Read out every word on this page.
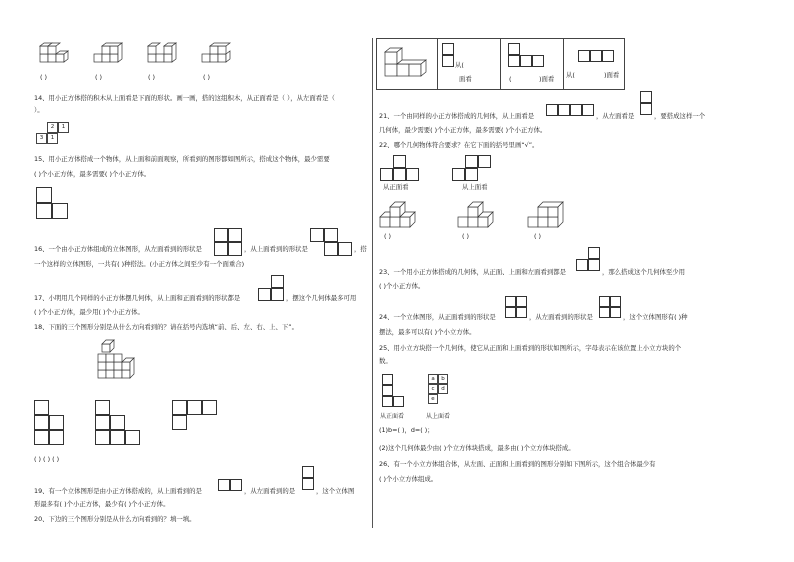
( )	( )	( )	( )
14、用小正方体搭的积木从上面看是下面的形状。画一画，搭的这组积木，从正面看是（ ），从左面看是（
）。
2	1
3	1
15、用小正方体搭成一个物体，从上面和前面观察，所看到的图形都如图所示，搭成这个物体，最少需要
( )个小正方体，最多需要( )个小正方体。
16、一个由小正方体组成的立体图形，从左面看到的形状是	，从上面看到的形状是	，搭
一个这样的立体图形，一共有( )种搭法。(小正方体之间至少有一个面重合)
17、小明用几个同样的小正方体摆几何体，从上面和正面看到的形状都是	，摆这个几何体最多可用
( )个小正方体，最少用( )个小正方体。
18、下面的三个图形分别是从什么方向看到的？请在括号内选填“前、后、左、右、上、下”。
( ) ( ) ( )
19、有一个立体图形是由小正方体搭成的，从上面看到的是	，从左面看到的是	，这个立体图
形最多有( )个小正方体，最少有( )个小正方体。
20、下边的三个图形分别是从什么方向看到的？填一填。
从(
面看	(	)面看 从(	)面看
21、一个由同样的小正方体搭成的几何体，从上面看是	，从左面看是	，要搭成这样一个
几何体，最少需要( )个小正方体，最多需要( )个小正方体。
22、哪个几何物体符合要求？在它下面的括号里画“√”。
从正面看	从上面看
( )	( )	( )
23、一个用小正方体搭成的几何体，从正面、上面和左面看到都是	，那么搭成这个几何体至少用
( )个小正方体。
24、一个立体图形，从正面看到的形状是	，从左面看到的形状是	，这个立体图形有( )种
摆法，最多可以有( )个小立方体。
25、用小立方块搭一个几何体，使它从正面和上面看到的形状如图所示，字母表示在该位置上小立方块的个
数。
从正面看
a	b
c	d
e
从上面看
(1)b=( )，d=( )；
(2)这个几何体最少由( )个立方体块搭成，最多由( )个立方体块搭成。
26、有一个小立方体组合体，从左面、正面和上面看到的图形分别如下图所示，这个组合体最少有
( )个小立方体组成。
